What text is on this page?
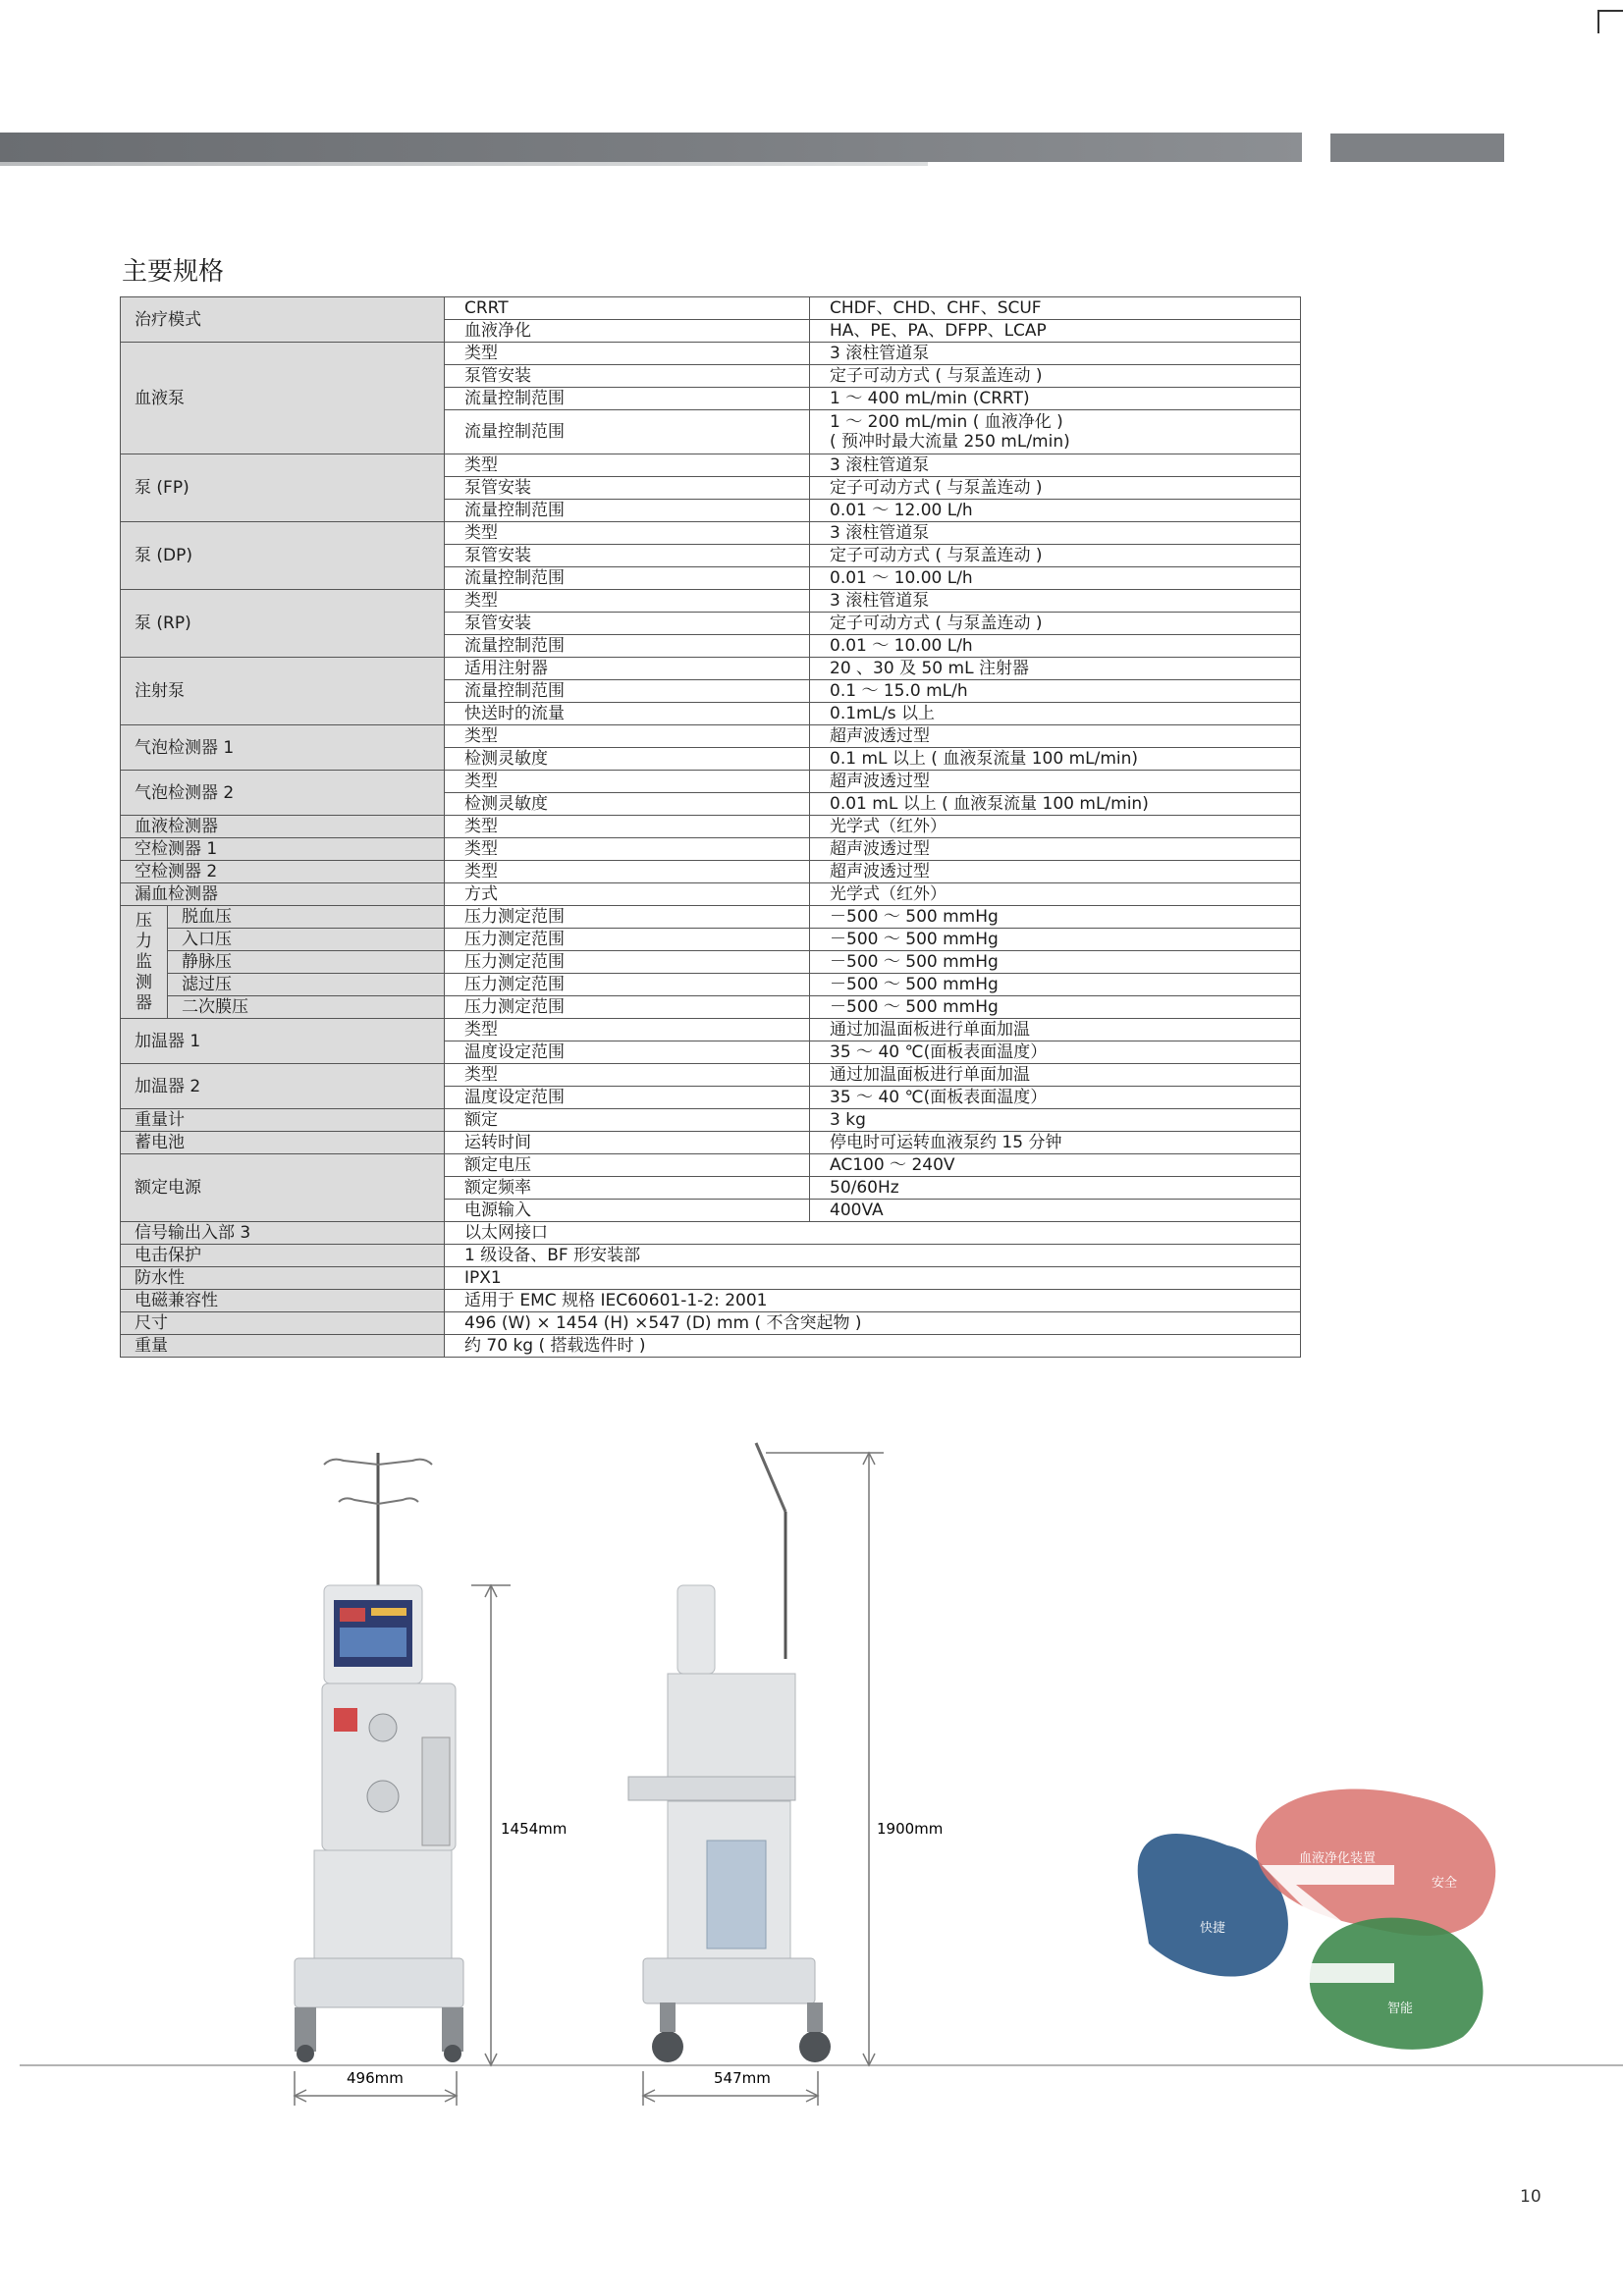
主要规格
治疗模式		CRRT	CHDF、CHD、CHF、SCUF
		血液净化	HA、PE、PA、DFPP、LCAP
血液泵		类型	3 滚柱管道泵
		泵管安装	定子可动方式 ( 与泵盖连动 )
		流量控制范围	1 ～ 400 mL/min (CRRT)
		流量控制范围	1 ～ 200 mL/min ( 血液净化 )
( 预冲时最大流量 250 mL/min)

泵 (FP)		类型	3 滚柱管道泵
		泵管安装	定子可动方式 ( 与泵盖连动 )
		流量控制范围	0.01 ～ 12.00 L/h
泵 (DP)		类型	3 滚柱管道泵
		泵管安装	定子可动方式 ( 与泵盖连动 )
		流量控制范围	0.01 ～ 10.00 L/h
泵 (RP)		类型	3 滚柱管道泵
		泵管安装	定子可动方式 ( 与泵盖连动 )
		流量控制范围	0.01 ～ 10.00 L/h
注射泵		适用注射器	20 、30 及 50 mL 注射器
		流量控制范围	0.1 ～ 15.0 mL/h
		快送时的流量	0.1mL/s 以上
气泡检测器 1		类型	超声波透过型
		检测灵敏度	0.1 mL 以上 ( 血液泵流量 100 mL/min)
气泡检测器 2		类型	超声波透过型
		检测灵敏度	0.01 mL 以上 ( 血液泵流量 100 mL/min)
血液检测器		类型	光学式（红外）
空检测器 1		类型	超声波透过型
空检测器 2		类型	超声波透过型
漏血检测器		方式	光学式（红外）

压
力
监
测
器	脱血压	压力测定范围	－500 ～ 500 mmHg
	入口压	压力测定范围	－500 ～ 500 mmHg
	静脉压	压力测定范围	－500 ～ 500 mmHg
	滤过压	压力测定范围	－500 ～ 500 mmHg
	二次膜压	压力测定范围	－500 ～ 500 mmHg
加温器 1		类型	通过加温面板进行单面加温
		温度设定范围	35 ～ 40 ℃(面板表面温度）
加温器 2		类型	通过加温面板进行单面加温
		温度设定范围	35 ～ 40 ℃(面板表面温度）
重量计		额定	3 kg
蓄电池		运转时间	停电时可运转血液泵约 15 分钟
额定电源		额定电压	AC100 ～ 240V
		额定频率	50/60Hz
		电源输入	400VA
信号输出入部 3		以太网接口	
电击保护		1 级设备、BF 形安装部	
防水性		IPX1	
电磁兼容性		适用于 EMC 规格 IEC60601-1-2: 2001	
尺寸		496 (W) × 1454 (H) ×547 (D) mm ( 不含突起物 )	
重量		约 70 kg ( 搭载选件时 )	
1454mm
496mm
1900mm
547mm
血液净化装置
安全
快捷
智能
10
